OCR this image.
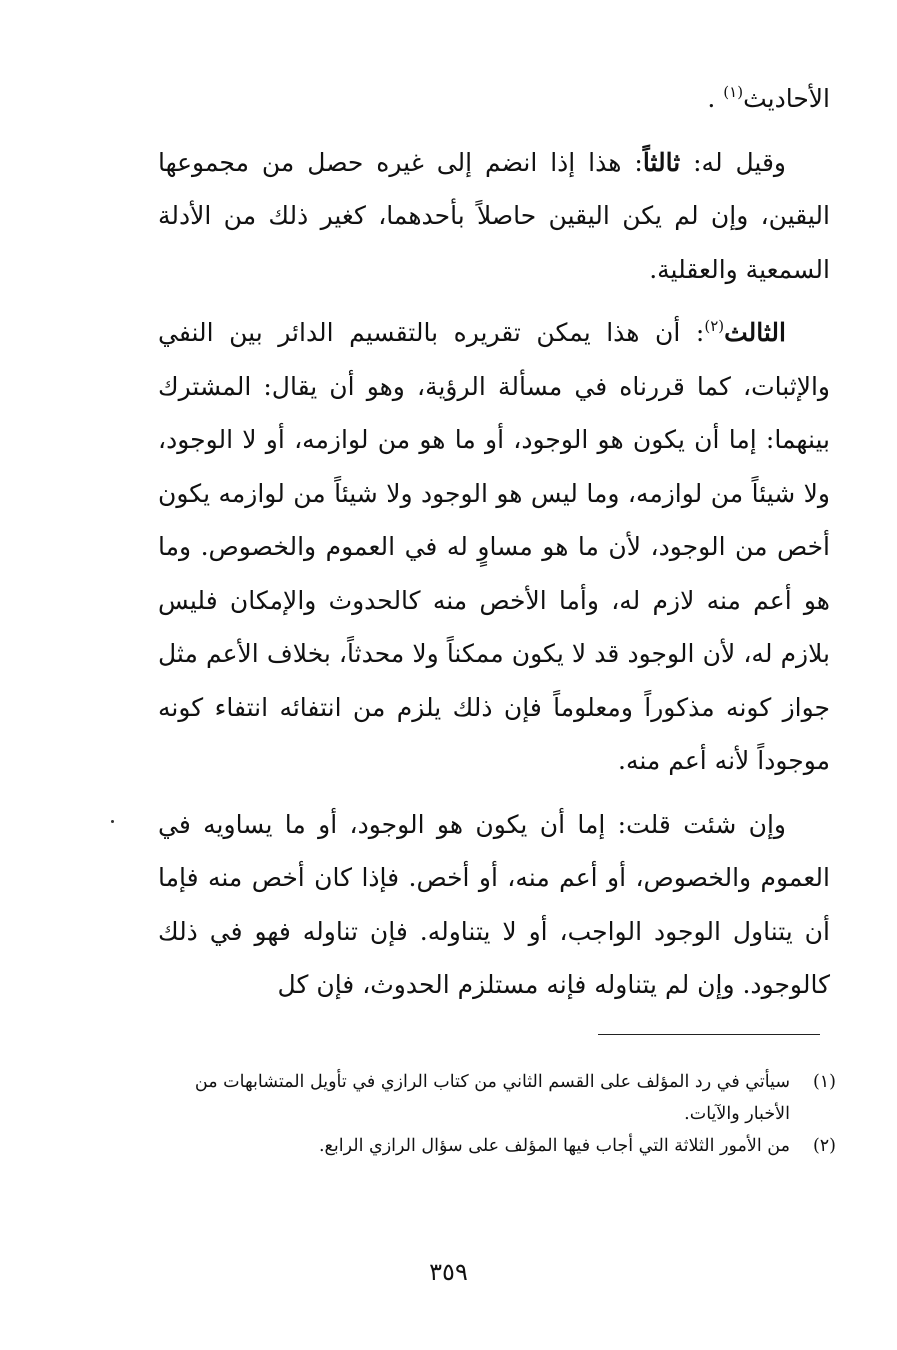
الأحاديث$^{(١)}$ .

وقيل له: ثالثاً: هذا إذا انضم إلى غيره حصل من مجموعها اليقين، وإن لم يكن اليقين حاصلاً بأحدهما، كغير ذلك من الأدلة السمعية والعقلية.

الثالث$^{(٢)}$: أن هذا يمكن تقريره بالتقسيم الدائر بين النفي والإثبات، كما قررناه في مسألة الرؤية، وهو أن يقال: المشترك بينهما: إما أن يكون هو الوجود، أو ما هو من لوازمه، أو لا الوجود، ولا شيئاً من لوازمه، وما ليس هو الوجود ولا شيئاً من لوازمه يكون أخص من الوجود، لأن ما هو مساوٍ له في العموم والخصوص. وما هو أعم منه لازم له، وأما الأخص منه كالحدوث والإمكان فليس بلازم له، لأن الوجود قد لا يكون ممكناً ولا محدثاً، بخلاف الأعم مثل جواز كونه مذكوراً ومعلوماً فإن ذلك يلزم من انتفائه انتفاء كونه موجوداً لأنه أعم منه.

وإن شئت قلت: إما أن يكون هو الوجود، أو ما يساويه في العموم والخصوص، أو أعم منه، أو أخص. فإذا كان أخص منه فإما أن يتناول الوجود الواجب، أو لا يتناوله. فإن تناوله فهو في ذلك كالوجود. وإن لم يتناوله فإنه مستلزم الحدوث، فإن كل

(١)
سيأتي في رد المؤلف على القسم الثاني من كتاب الرازي في تأويل المتشابهات من الأخبار والآيات.
(٢)
من الأمور الثلاثة التي أجاب فيها المؤلف على سؤال الرازي الرابع.
٣٥٩
